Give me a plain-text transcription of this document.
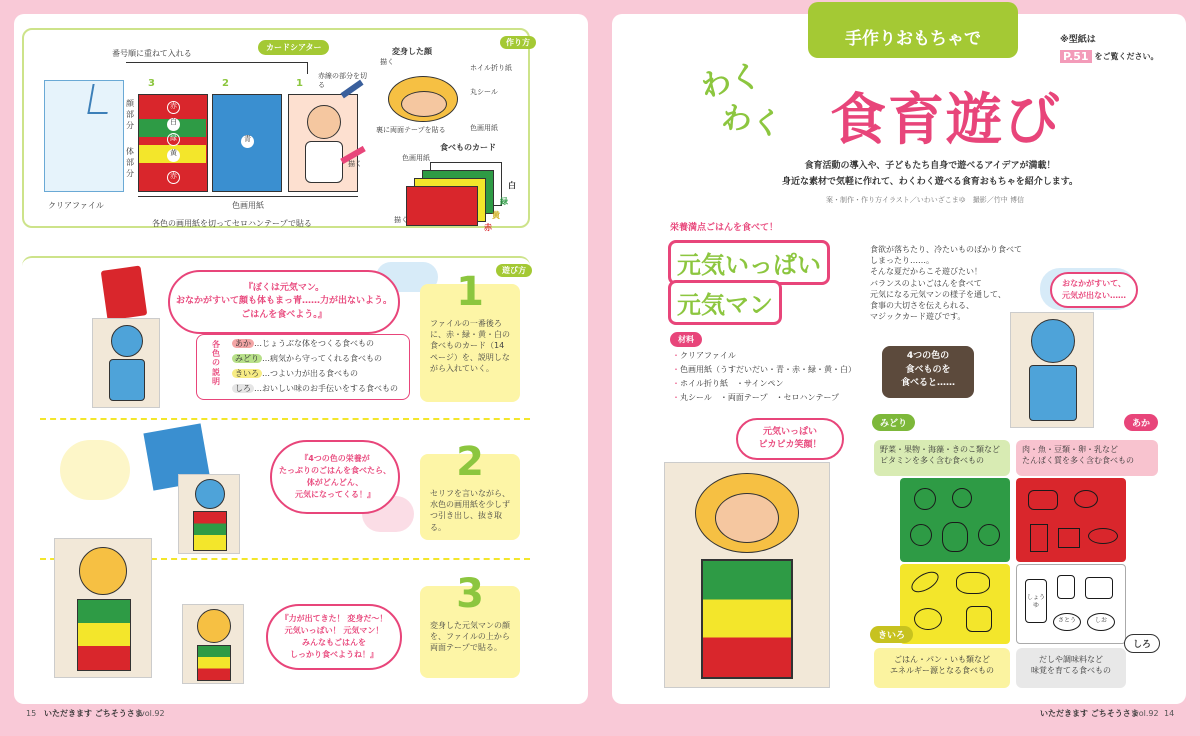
作り方
クリアファイル
番号順に重ねて入れる
カードシアター
赤
白
緑
黄
赤
顔部分
体部分
青
3	2	1
赤線の部分を切る
描く
色画用紙
各色の画用紙を切ってセロハンテープで貼る
変身した顔
描く
ホイル折り紙
丸シール
裏に両面テープを貼る	色画用紙
食べものカード
色画用紙
白
緑
黄
赤
描く
遊び方
『ぼくは元気マン。
おなかがすいて顔も体もまっ青……力が出ないよう。
ごはんを食べよう。』
各色の説明
あか …じょうぶな体をつくる食べもの
みどり …病気から守ってくれる食べもの
きいろ …つよい力が出る食べもの
しろ …おいしい味のお手伝いをする食べもの
1
ファイルの一番後ろに、赤・緑・黄・白の食べものカード（14ページ）を、説明しながら入れていく。
『4つの色の栄養が
たっぷりのごはんを食べたら、
体がどんどん、
元気になってくる！』
2
セリフを言いながら、水色の画用紙を少しずつ引き出し、抜き取る。
『力が出てきた！ 変身だ～！
元気いっぱい！ 元気マン！
みんなもごはんを
しっかり食べようね！』
3
変身した元気マンの顔を、ファイルの上から両面テープで貼る。
15 いただきます ごちそうさま
vol.92
手作りおもちゃで	※型紙は
P.51 をご覧ください。
わく
わく 食育遊び
食育活動の導入や、子どもたち自身で遊べるアイデアが満載！
身近な素材で気軽に作れて、わくわく遊べる食育おもちゃを紹介します。
案・制作・作り方イラスト／いわいざこまゆ　撮影／竹中 博信
栄養満点ごはんを食べて！
元気いっぱい
元気マン
食欲が落ちたり、冷たいものばかり食べてしまったり……。
そんな夏だからこそ遊びたい！
バランスのよいごはんを食べて
元気になる元気マンの様子を通して、
食事の大切さを伝えられる、
マジックカード遊びです。
材料
・クリアファイル
・色画用紙（うすだいだい・青・赤・緑・黄・白）
・ホイル折り紙　・サインペン
・丸シール　・両面テープ　・セロハンテープ
おなかがすいて、
元気が出ない……
4つの色の
食べものを
食べると……
元気いっぱい
ピカピカ笑顔！
みどり
野菜・果物・海藻・きのこ類など
ビタミンを多く含む食べもの
あか
肉・魚・豆類・卵・乳など
たんぱく質を多く含む食べもの
きいろ
ごはん・パン・いも類など
エネルギー源となる食べもの
しょうゆ
さとう	しお
しろ
だしや調味料など
味覚を育てる食べもの
いただきます ごちそうさま
vol.92 14
